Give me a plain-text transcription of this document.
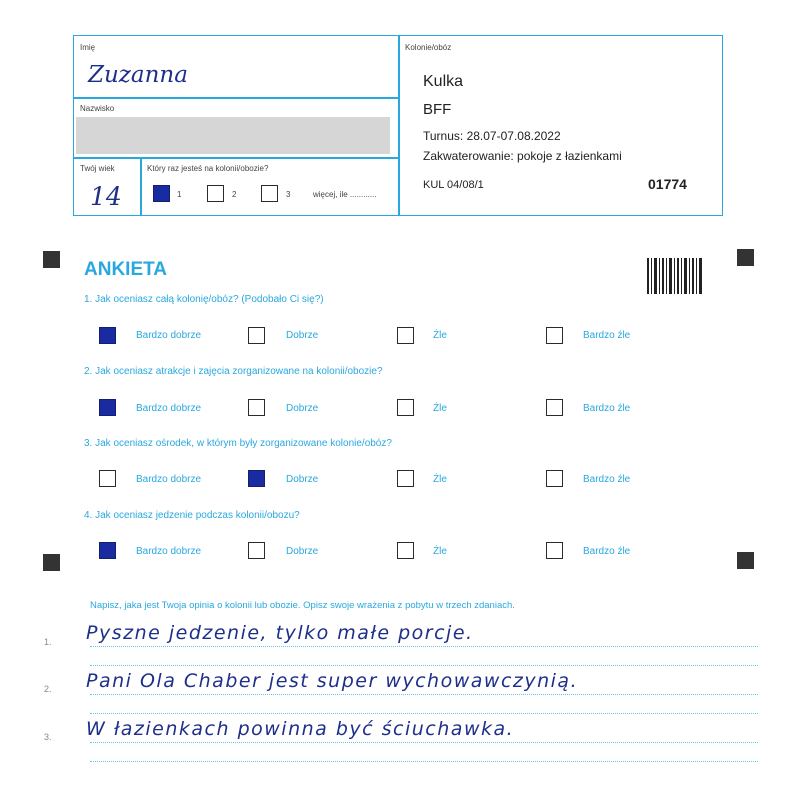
Imię
Zuzanna
Nazwisko
Twój wiek
14
Który raz jesteś na kolonii/obozie?
1	2	3	więcej, ile ............
Kolonie/obóz
Kulka
BFF
Turnus: 28.07-07.08.2022
Zakwaterowanie: pokoje z łazienkami
KUL 04/08/1	01774
ANKIETA
1. Jak oceniasz całą kolonię/obóz? (Podobało Ci się?)
Bardzo dobrze	Dobrze	Źle	Bardzo źle
2. Jak oceniasz atrakcje i zajęcia zorganizowane na kolonii/obozie?
Bardzo dobrze	Dobrze	Źle	Bardzo źle
3. Jak oceniasz ośrodek, w którym były zorganizowane kolonie/obóz?
Bardzo dobrze	Dobrze	Źle	Bardzo źle
4. Jak oceniasz jedzenie podczas kolonii/obozu?
Bardzo dobrze	Dobrze	Źle	Bardzo źle
Napisz, jaka jest Twoja opinia o kolonii lub obozie. Opisz swoje wrażenia z pobytu w trzech zdaniach.
1. Pyszne jedzenie, tylko małe porcje.
2. Pani Ola Chaber jest super wychowawczynią.
3. W łazienkach powinna być ściuchawka.
